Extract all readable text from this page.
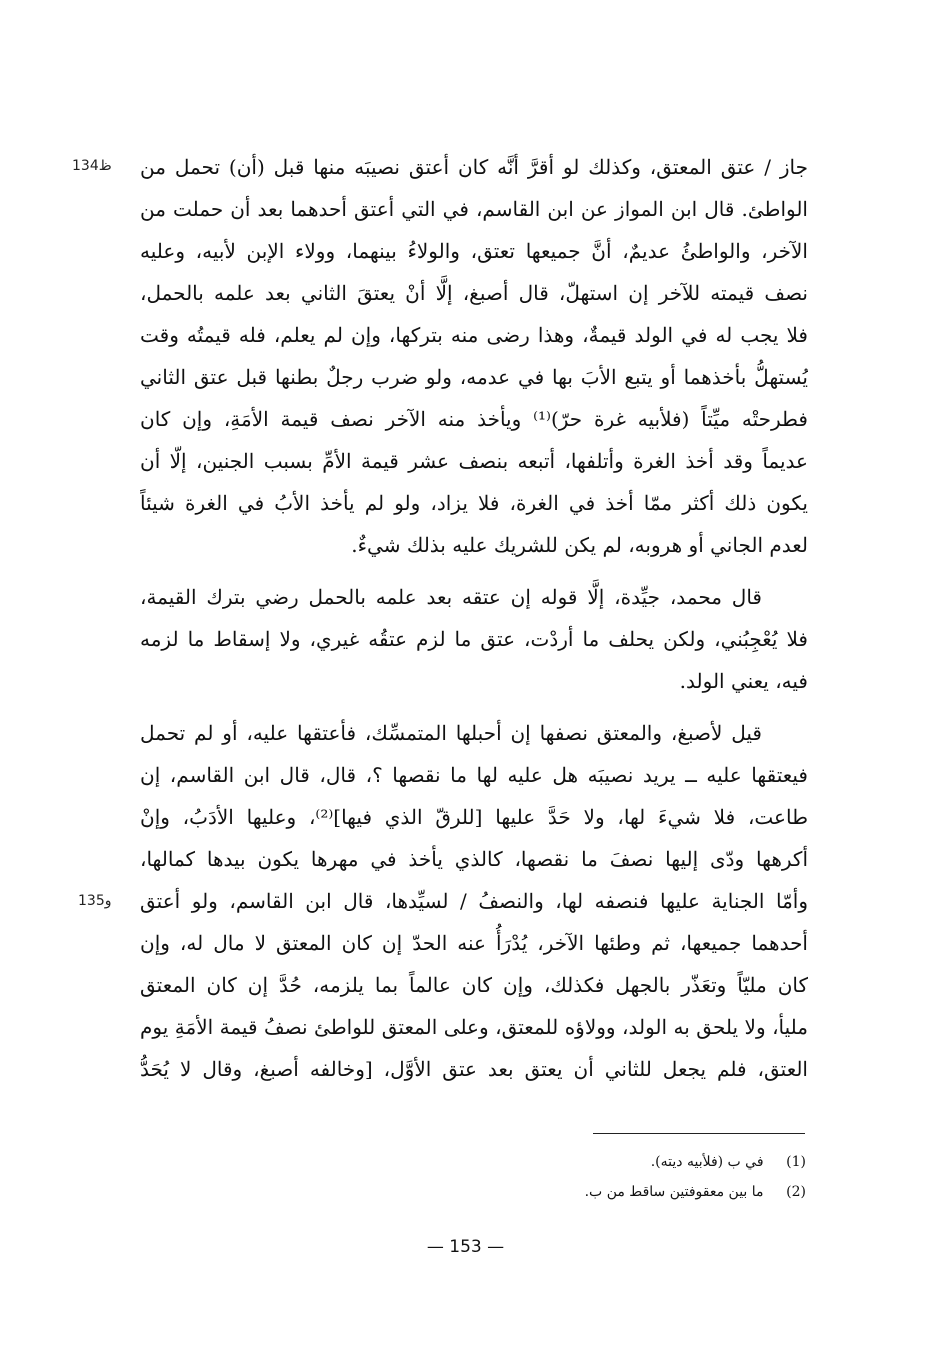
134ظ
135و
جاز / عتق المعتق، وكذلك لو أقرَّ أنَّه كان أعتق نصيبَه منها قبل (أن) تحمل من
الواطئ. قال ابن المواز عن ابن القاسم، في التي أعتق أحدهما بعد أن حملت من
الآخر، والواطئُ عديمٌ، أنَّ جميعها تعتق، والولاءُ بينهما، وولاء الإبن لأبيه، وعليه
نصف قيمته للآخر إن استهلّ، قال أصبغ، إلَّا أنْ يعتقَ الثاني بعد علمه بالحمل،
فلا يجب له في الولد قيمةٌ، وهذا رضى منه بتركها، وإن لم يعلم، فله قيمتُه وقت
يُستهلُّ بأخذهما أو يتبع الأبَ بها في عدمه، ولو ضرب رجلٌ بطنها قبل عتق الثاني
فطرحتْه ميِّتاً (فلأبيه غرة حرّ)⁽¹⁾ ويأخذ منه الآخر نصف قيمة الأمَةِ، وإن كان
عديماً وقد أخذ الغرة وأتلفها، أتبعه بنصف عشر قيمة الأمِّ بسبب الجنين، إلّا أن
يكون ذلك أكثر ممّا أخذ في الغرة، فلا يزاد، ولو لم يأخذ الأبُ في الغرة شيئاً
لعدم الجاني أو هروبه، لم يكن للشريك عليه بذلك شيءٌ.
قال محمد، جيِّدة، إلَّا قوله إن عتقه بعد علمه بالحمل رضي بترك القيمة،
فلا يُعْجِبُني، ولكن يحلف ما أردْت، عتق ما لزم عتقُه غيري، ولا إسقاط ما لزمه
فيه، يعني الولد.
قيل لأصبغ، والمعتق نصفها إن أحبلها المتمسِّك، فأعتقها عليه، أو لم تحمل
فيعتقها عليه ــ يريد نصيبَه هل عليه لها ما نقصها ؟، قال، قال ابن القاسم، إن
طاعت، فلا شيءَ لها، ولا حَدَّ عليها [للرقّ الذي فيها]⁽²⁾، وعليها الأدَبُ، وإنْ
أكرهها ودّى إليها نصفَ ما نقصها، كالذي يأخذ في مهرها يكون بيدها كمالها،
وأمّا الجناية عليها فنصفه لها، والنصفُ / لسيِّدها، قال ابن القاسم، ولو أعتق
أحدهما جميعها، ثم وطئها الآخر، يُدْرَأُ عنه الحدّ إن كان المعتق لا مال له، وإن
كان مليّاً وتعَذّر بالجهل فكذلك، وإن كان عالماً بما يلزمه، حُدَّ إن كان المعتق
مليأ، ولا يلحق به الولد، وولاؤه للمعتق، وعلى المعتق للواطئ نصفُ قيمة الأمَةِ يوم
العتق، فلم يجعل للثاني أن يعتق بعد عتق الأوَّل، [وخالفه أصبغ، وقال لا يُحَدُّ
(1) في ب (فلأبيه ديته).
(2) ما بين معقوفتين ساقط من ب.
— 153 —
